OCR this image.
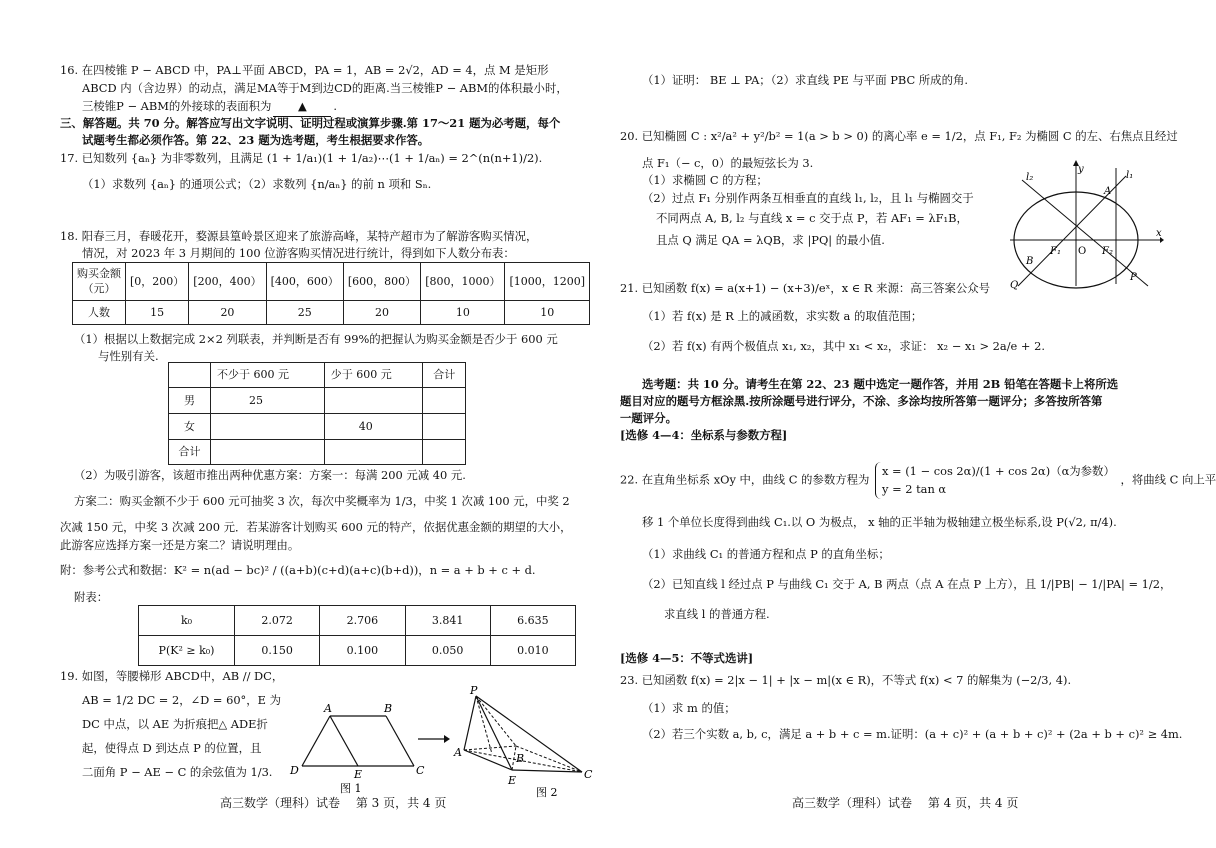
16. 在四棱锥 P − ABCD 中，PA⊥平面 ABCD，PA = 1，AB = 2√2，AD = 4，点 M 是矩形
ABCD 内（含边界）的动点，满足MA等于M到边CD的距离.当三棱锥P − ABM的体积最小时，
三棱锥P − ABM的外接球的表面积为 ▲ .
三、解答题。共 70 分。解答应写出文字说明、证明过程或演算步骤.第 17～21 题为必考题，每个
试题考生都必须作答。第 22、23 题为选考题，考生根据要求作答。
17. 已知数列 {aₙ} 为非零数列，且满足 (1 + 1/a₁)(1 + 1/a₂)⋯(1 + 1/aₙ) = 2^(n(n+1)/2).
（1）求数列 {aₙ} 的通项公式；（2）求数列 {n/aₙ} 的前 n 项和 Sₙ.
18. 阳春三月，春暖花开，婺源县篁岭景区迎来了旅游高峰，某特产超市为了解游客购买情况，
情况，对 2023 年 3 月期间的 100 位游客购买情况进行统计，得到如下人数分布表：
购买金额
（元）	[0，200）	[200，400）	[400，600）	[600，800）	[800，1000）	[1000，1200]
人数	15	20	25	20	10	10
（1）根据以上数据完成 2×2 列联表，并判断是否有 99%的把握认为购买金额是否少于 600 元
与性别有关.
	不少于 600 元	少于 600 元	合计
男	25		
女		40	
合计			
（2）为吸引游客，该超市推出两种优惠方案：方案一：每满 200 元减 40 元.
方案二：购买金额不少于 600 元可抽奖 3 次，每次中奖概率为 1/3，中奖 1 次减 100 元，中奖 2
次减 150 元，中奖 3 次减 200 元．若某游客计划购买 600 元的特产，依据优惠金额的期望的大小，
此游客应选择方案一还是方案二？请说明理由。
附：参考公式和数据：K² = n(ad − bc)² / ((a+b)(c+d)(a+c)(b+d))，n = a + b + c + d.
附表：
k₀	2.072	2.706	3.841	6.635
P(K² ≥ k₀)	0.150	0.100	0.050	0.010
19. 如图，等腰梯形 ABCD中，AB // DC，
AB = 1/2 DC = 2，∠D = 60°，E 为
DC 中点，以 AE 为折痕把△ ADE折
起，使得点 D 到达点 P 的位置，且
二面角 P − AE − C 的余弦值为 1/3.
A	B
D	E	C
图 1
P
A	B
E	C
图 2
高三数学（理科）试卷　 第 3 页，共 4 页
（1）证明： BE ⊥ PA；（2）求直线 PE 与平面 PBC 所成的角.
20. 已知椭圆 C : x²/a² + y²/b² = 1(a > b > 0) 的离心率 e = 1/2，点 F₁, F₂ 为椭圆 C 的左、右焦点且经过
点 F₁（− c，0）的最短弦长为 3.
（1）求椭圆 C 的方程；
（2）过点 F₁ 分别作两条互相垂直的直线 l₁, l₂，且 l₁ 与椭圆交于
不同两点 A, B, l₂ 与直线 x = c 交于点 P，若 AF₁ = λF₁B，
且点 Q 满足 QA = λQB，求 |PQ| 的最小值.
y
x
O
F₁	F₂
A
B
P
Q
l₁
l₂
21. 已知函数 f(x) = a(x+1) − (x+3)/eˣ，x ∈ R 来源：高三答案公众号
（1）若 f(x) 是 R 上的减函数，求实数 a 的取值范围；
（2）若 f(x) 有两个极值点 x₁, x₂，其中 x₁ < x₂，求证： x₂ − x₁ > 2a/e + 2.
选考题：共 10 分。请考生在第 22、23 题中选定一题作答，并用 2B 铅笔在答题卡上将所选
题目对应的题号方框涂黑.按所涂题号进行评分，不涂、多涂均按所答第一题评分；多答按所答第
一题评分。
[选修 4—4：坐标系与参数方程]
22. 在直角坐标系 xOy 中，曲线 C 的参数方程为
x = (1 − cos 2α)/(1 + cos 2α)（α为参数）
y = 2 tan α
，将曲线 C 向上平
移 1 个单位长度得到曲线 C₁.以 O 为极点， x 轴的正半轴为极轴建立极坐标系,设 P(√2, π/4).
（1）求曲线 C₁ 的普通方程和点 P 的直角坐标；
（2）已知直线 l 经过点 P 与曲线 C₁ 交于 A, B 两点（点 A 在点 P 上方），且 1/|PB| − 1/|PA| = 1/2，
求直线 l 的普通方程.
[选修 4—5：不等式选讲]
23. 已知函数 f(x) = 2|x − 1| + |x − m|(x ∈ R)，不等式 f(x) < 7 的解集为 (−2/3, 4).
（1）求 m 的值；
（2）若三个实数 a, b, c，满足 a + b + c = m.证明：(a + c)² + (a + b + c)² + (2a + b + c)² ≥ 4m.
高三数学（理科）试卷　 第 4 页，共 4 页
